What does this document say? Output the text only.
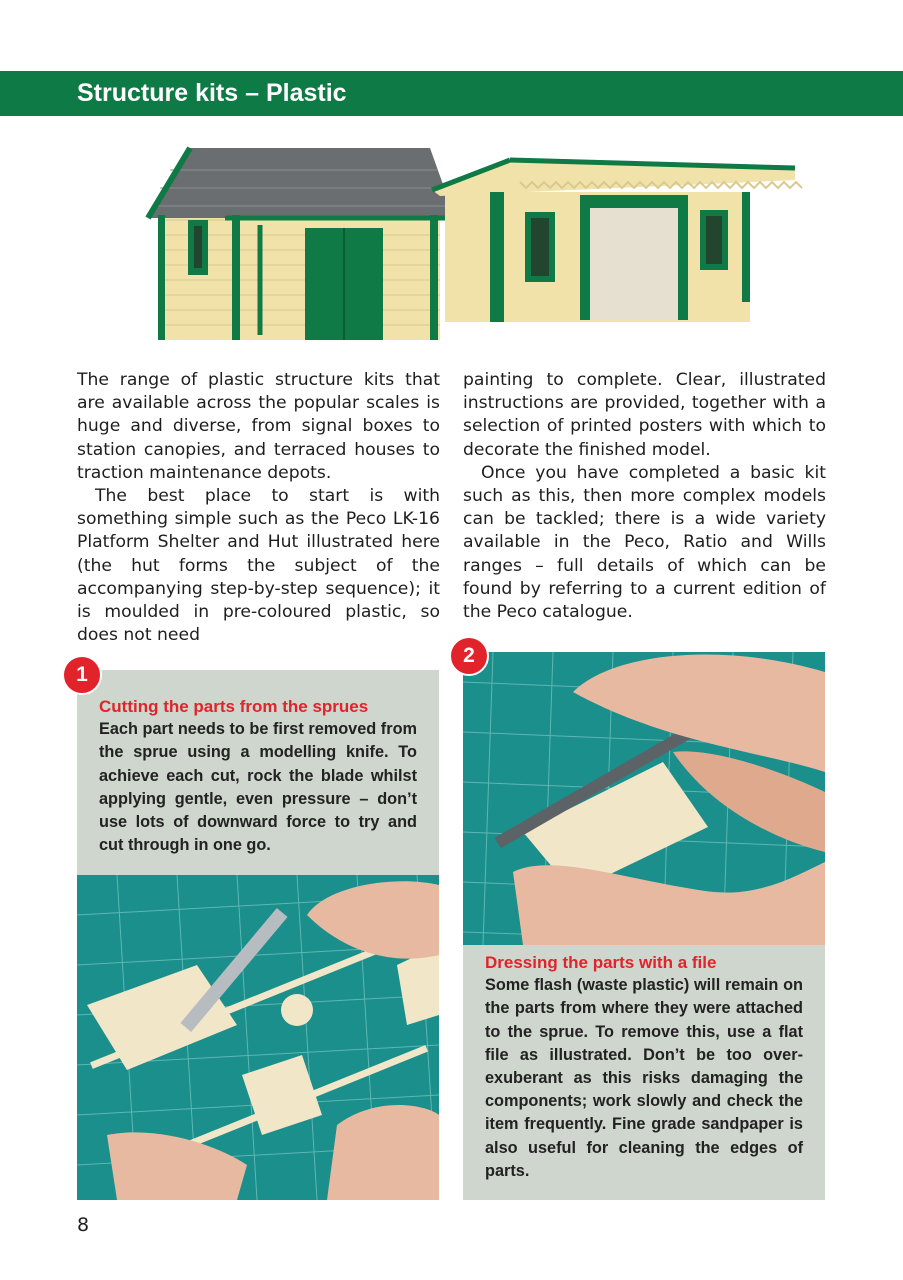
Structure kits – Plastic

The range of plastic structure kits that are available across the popular scales is huge and diverse, from signal boxes to station canopies, and terraced houses to traction maintenance depots.

The best place to start is with something simple such as the Peco LK-16 Platform Shelter and Hut illustrated here (the hut forms the subject of the accompanying step-by-step sequence); it is moulded in pre-coloured plastic, so does not need

painting to complete. Clear, illustrated instructions are provided, together with a selection of printed posters with which to decorate the finished model.

Once you have completed a basic kit such as this, then more complex models can be tackled; there is a wide variety available in the Peco, Ratio and Wills ranges – full details of which can be found by referring to a current edition of the Peco catalogue.

Cutting the parts from the sprues
Each part needs to be first removed from the sprue using a modelling knife. To achieve each cut, rock the blade whilst applying gentle, even pressure – don’t use lots of downward force to try and cut through in one go.
1
Dressing the parts with a file
Some flash (waste plastic) will remain on the parts from where they were attached to the sprue. To remove this, use a flat file as illustrated. Don’t be too over-exuberant as this risks damaging the components; work slowly and check the item frequently. Fine grade sandpaper is also useful for cleaning the edges of parts.
2
8
